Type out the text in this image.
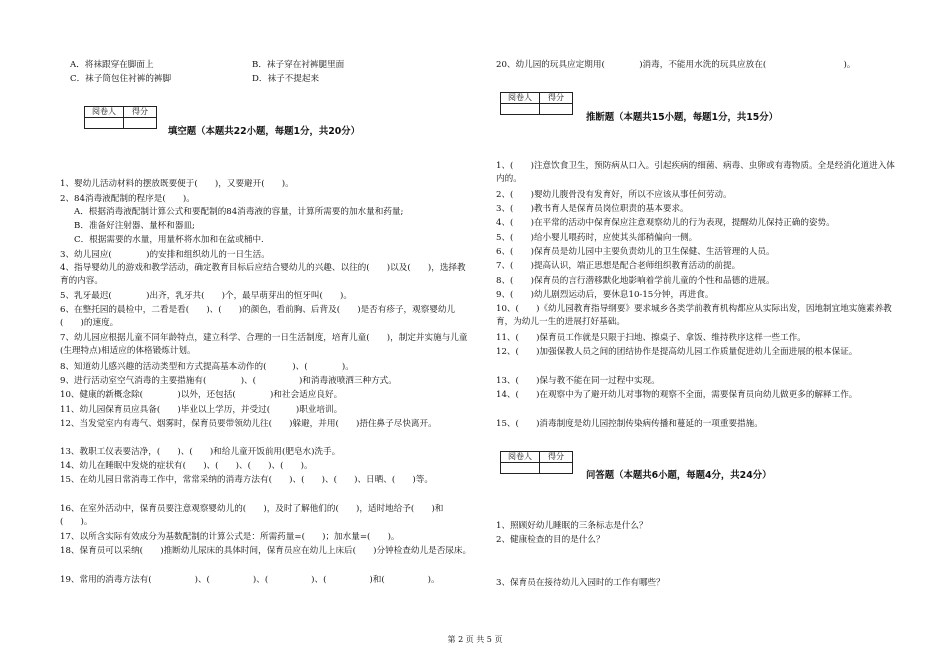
A．将袜跟穿在脚面上	B．袜子穿在衬裤腿里面
C．袜子筒包住衬裤的裤脚	D．袜子不提起来
阅卷人	得分

填空题（本题共22小题，每题1分，共20分）
1、婴幼儿活动材料的摆放既要便于(　　)，又要避开(　　)。
2、84消毒液配制的程序是(　　)。
A．根据消毒液配制计算公式和要配制的84消毒液的容量，计算所需要的加水量和药量;
B．准备好注射器、量杯和器皿;
C．根据需要的水量，用量杯将水加和在盆或桶中.
3、幼儿园应(　　　　)的安排和组织幼儿的一日生活。
4、指导婴幼儿的游戏和教学活动，确定教育目标后应结合婴幼儿的兴趣、以往的(　　)以及(　　)，选择教育的内容。
5、乳牙最迟(　　　　)出齐，乳牙共(　　)个，最早萌芽出的恒牙叫(　　)。
6、在整托园的晨检中，二看是看(　　)、(　　)的颜色，看前胸、后背及(　　)是否有疹子，观察婴幼儿(　　)的速度。
7、幼儿园应根据儿童不同年龄特点，建立科学、合理的一日生活制度，培育儿童(　　)，制定并实施与儿童(生理特点)相适应的体格锻炼计划。
8、知道幼儿感兴趣的活动类型和方式提高基本动作的(　　　)、(　　　　)。
9、进行活动室空气消毒的主要措施有(　　　　)、(　　　　　)和消毒液喷洒三种方式。
10、健康的新概念除(　　　　)以外，还包括(　　　　)和社会适应良好。
11、幼儿园保育员应具备(　　)毕业以上学历，并受过(　　　)职业培训。
12、当发觉室内有毒气、烟雾时，保育员要带领幼儿往(　　)躲避，并用(　　)捂住鼻子尽快离开。
13、教职工仪表要洁净，(　　)、(　　)和给儿童开饭前用(肥皂水)洗手。
14、幼儿在睡眠中发烧的症状有(　　)、(　　)、(　　)、(　　)。
15、在幼儿园日常消毒工作中，常常采纳的消毒方法有(　　)、(　　)、(　　)、日晒、(　　)等。
16、在室外活动中，保育员要注意观察婴幼儿的(　　)，及时了解他们的(　　)，适时地给予(　　)和(　　)。
17、以所含实际有效成分为基数配制的计算公式是：所需药量=(　　)；加水量=(　　)。
18、保育员可以采纳(　　)推断幼儿尿床的具体时间，保育员应在幼儿上床后(　　)分钟检查幼儿是否尿床。
19、常用的消毒方法有(　　　　　)、(　　　　　)、(　　　　　)、(　　　　　)和(　　　　　)。
20、幼儿园的玩具应定期用(　　　　)消毒，不能用水洗的玩具应放在(　　　　　　　　　)。
阅卷人	得分

推断题（本题共15小题，每题1分，共15分）
1、(　　)注意饮食卫生，预防病从口入。引起疾病的细菌、病毒、虫卵或有毒物质。全是经消化道进入体内的。
2、(　　)婴幼儿腹骨没有发育好，所以不应该从事任何劳动。
3、(　　)教书育人是保育员岗位职责的基本要求。
4、(　　)在平常的活动中保育保应注意观察幼儿的行为表现，提醒幼儿保持正确的姿势。
5、(　　)给小婴儿喂药时，应使其头部稍偏向一侧。
6、(　　)保育员是幼儿园中主要负责幼儿的卫生保健、生活管理的人员。
7、(　　)提高认识，端正思想是配合老师组织教育活动的前提。
8、(　　)保育员的言行潜移默化地影响着学前儿童的个性和品德的进展。
9、(　　)幼儿剧烈运动后，要休息10-15分钟，再进食。
10、(　　)《幼儿园教育指导纲要》要求城乡各类学前教育机构都应从实际出发，因地制宜地实施素养教育，为幼儿一生的进展打好基础。
11、(　　)保育员工作就是只限于扫地、擦桌子、拿饭、维持秩序这样一些工作。
12、(　　)加强保教人员之间的团结协作是提高幼儿园工作质量促进幼儿全面进展的根本保证。
13、(　　)保与教不能在同一过程中实现。
14、(　　)在观察中为了避开幼儿对事物的观察不全面，需要保育员向幼儿做更多的解释工作。
15、(　　)消毒制度是幼儿园控制传染病传播和蔓延的一项重要措施。
阅卷人	得分

问答题（本题共6小题，每题4分，共24分）
1、照顾好幼儿睡眠的三条标志是什么？
2、健康检查的目的是什么？
3、保育员在接待幼儿入园时的工作有哪些？
第 2 页 共 5 页
